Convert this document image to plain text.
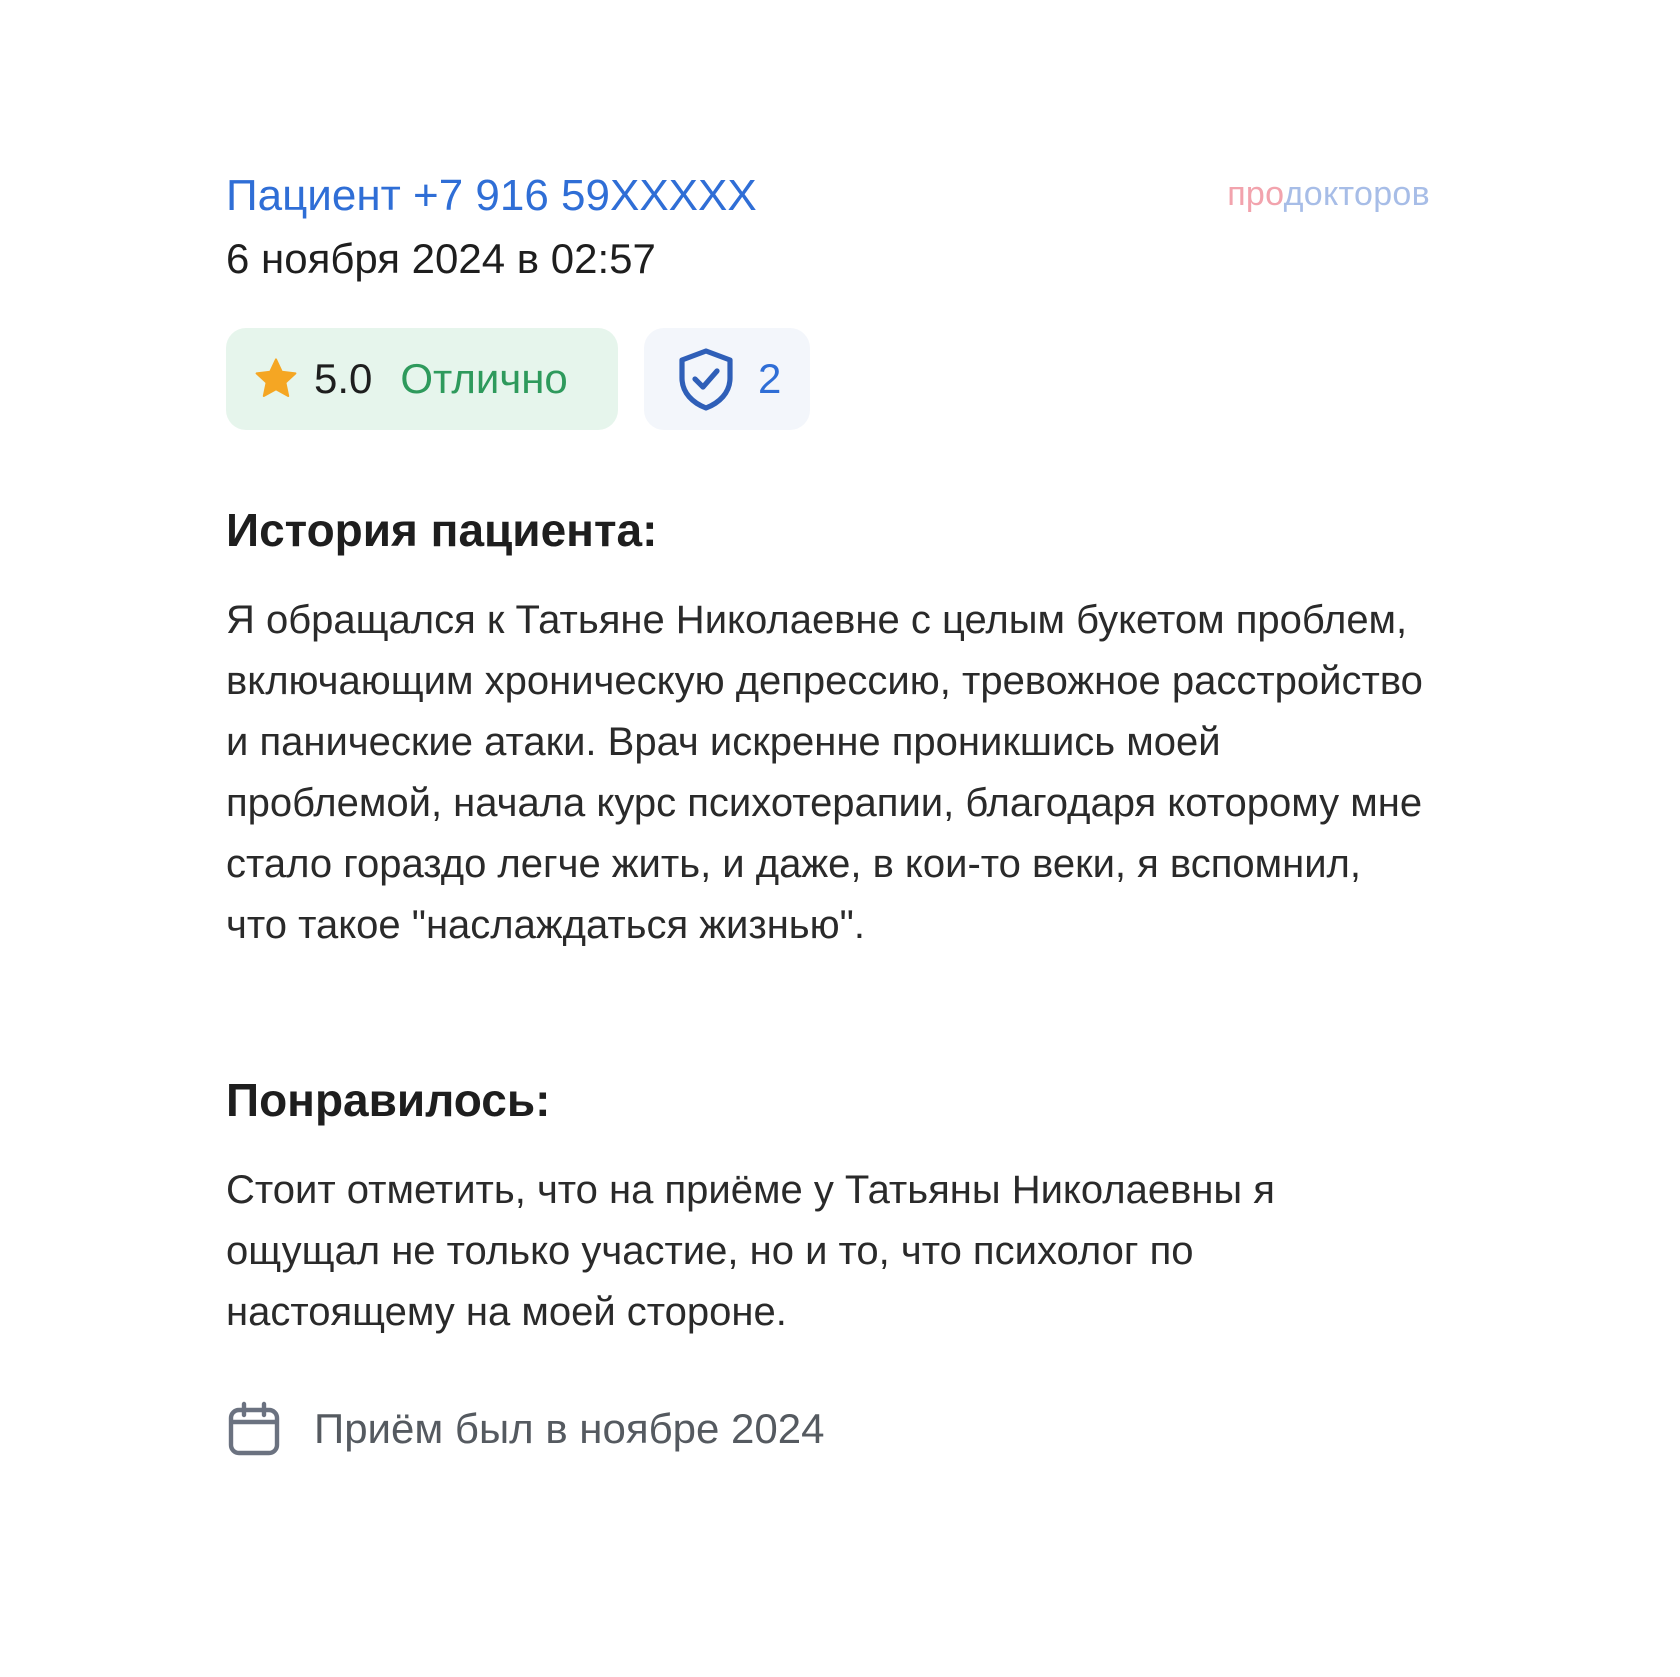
Пациент +7 916 59XXXXX
6 ноября 2024 в 02:57
продокторов
5.0 Отлично	2
История пациента:

Я обращался к Татьяне Николаевне с целым букетом проблем, включающим хроническую депрессию, тревожное расстройство и панические атаки. Врач искренне проникшись моей проблемой, начала курс психотерапии, благодаря которому мне стало гораздо легче жить, и даже, в кои-то веки, я вспомнил, что такое "наслаждаться жизнью".

Понравилось:

Стоит отметить, что на приёме у Татьяны Николаевны я ощущал не только участие, но и то, что психолог по настоящему на моей стороне.

Приём был в ноябре 2024
